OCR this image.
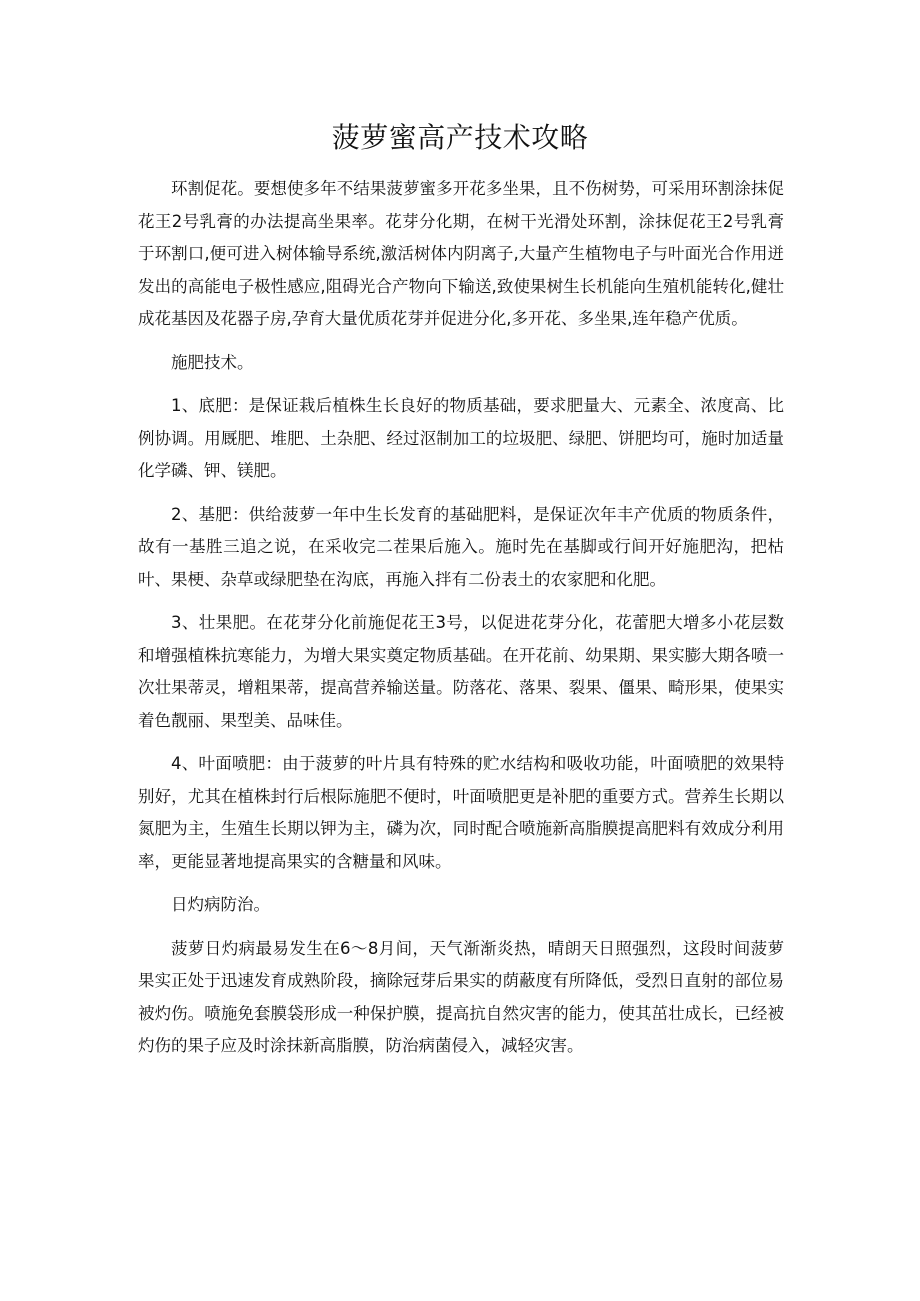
菠萝蜜高产技术攻略

环割促花。要想使多年不结果菠萝蜜多开花多坐果，且不伤树势，可采用环割涂抹促花王2号乳膏的办法提高坐果率。花芽分化期，在树干光滑处环割，涂抹促花王2号乳膏于环割口,便可进入树体输导系统,激活树体内阴离子,大量产生植物电子与叶面光合作用迸发出的高能电子极性感应,阻碍光合产物向下输送,致使果树生长机能向生殖机能转化,健壮成花基因及花器子房,孕育大量优质花芽并促进分化,多开花、多坐果,连年稳产优质。

施肥技术。

1、底肥：是保证栽后植株生长良好的物质基础，要求肥量大、元素全、浓度高、比例协调。用厩肥、堆肥、土杂肥、经过沤制加工的垃圾肥、绿肥、饼肥均可，施时加适量化学磷、钾、镁肥。

2、基肥：供给菠萝一年中生长发育的基础肥料，是保证次年丰产优质的物质条件，故有一基胜三追之说，在采收完二茬果后施入。施时先在基脚或行间开好施肥沟，把枯叶、果梗、杂草或绿肥垫在沟底，再施入拌有二份表土的农家肥和化肥。

3、壮果肥。在花芽分化前施促花王3号，以促进花芽分化，花蕾肥大增多小花层数和增强植株抗寒能力，为增大果实奠定物质基础。在开花前、幼果期、果实膨大期各喷一次壮果蒂灵，增粗果蒂，提高营养输送量。防落花、落果、裂果、僵果、畸形果，使果实着色靓丽、果型美、品味佳。

4、叶面喷肥：由于菠萝的叶片具有特殊的贮水结构和吸收功能，叶面喷肥的效果特别好，尤其在植株封行后根际施肥不便时，叶面喷肥更是补肥的重要方式。营养生长期以氮肥为主，生殖生长期以钾为主，磷为次，同时配合喷施新高脂膜提高肥料有效成分利用率，更能显著地提高果实的含糖量和风味。

日灼病防治。

菠萝日灼病最易发生在6～8月间，天气渐渐炎热，晴朗天日照强烈，这段时间菠萝果实正处于迅速发育成熟阶段，摘除冠芽后果实的荫蔽度有所降低，受烈日直射的部位易被灼伤。喷施免套膜袋形成一种保护膜，提高抗自然灾害的能力，使其茁壮成长，已经被灼伤的果子应及时涂抹新高脂膜，防治病菌侵入，减轻灾害。
